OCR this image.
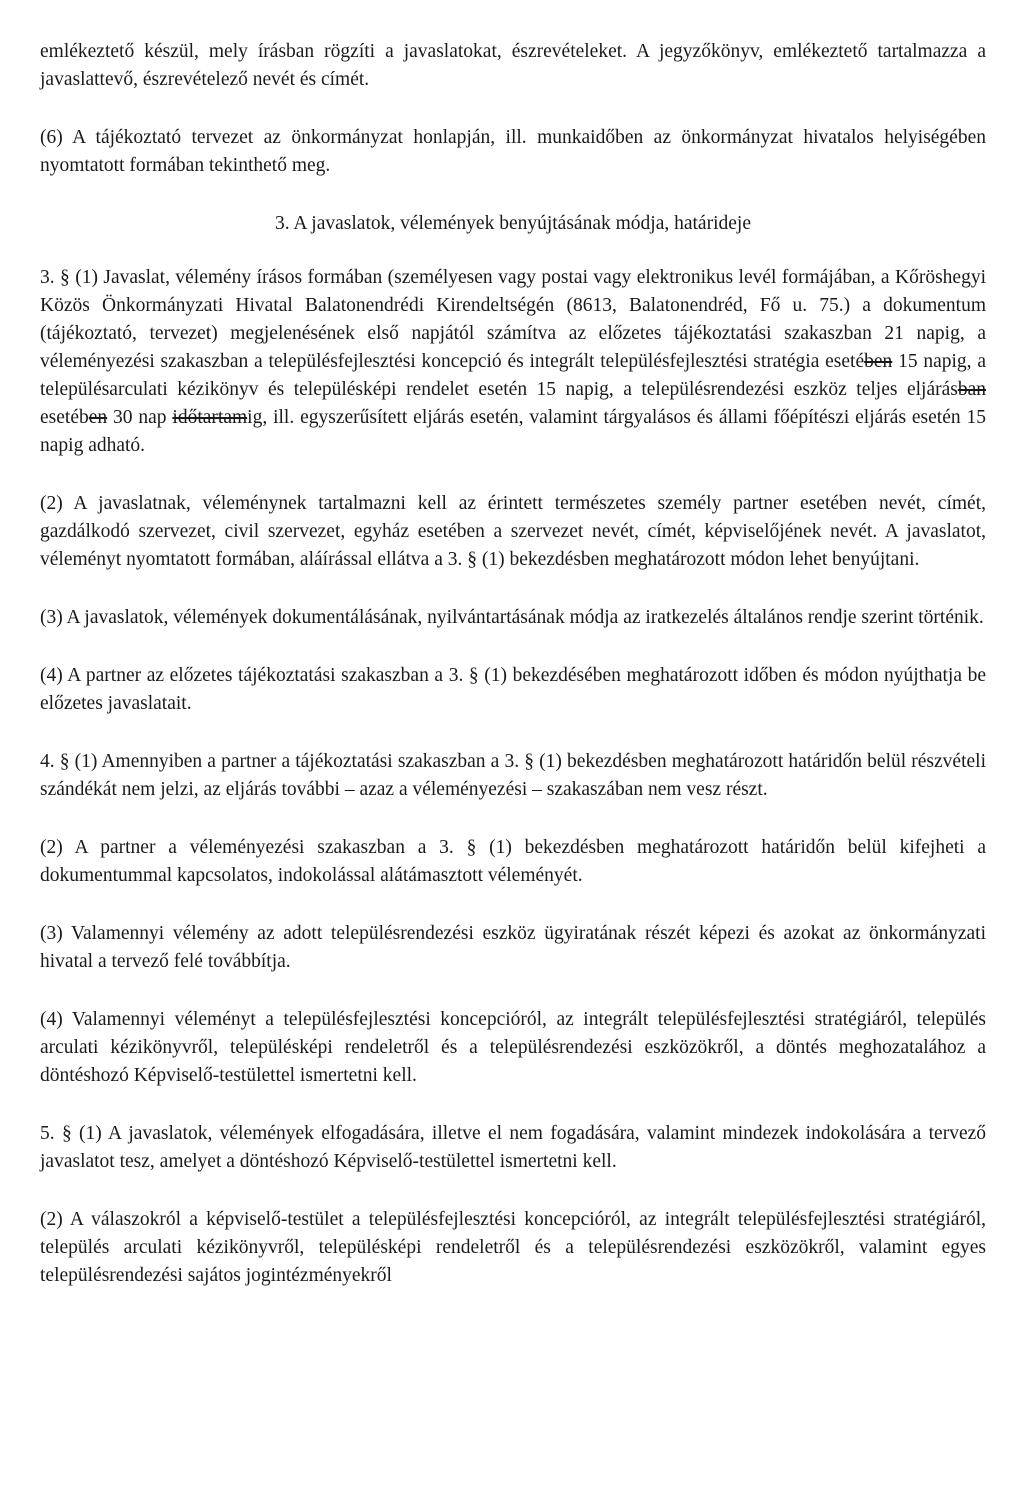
emlékeztető készül, mely írásban rögzíti a javaslatokat, észrevételeket. A jegyzőkönyv, emlékeztető tartalmazza a javaslattevő, észrevételező nevét és címét.

(6) A tájékoztató tervezet az önkormányzat honlapján, ill. munkaidőben az önkormányzat hivatalos helyiségében nyomtatott formában tekinthető meg.

3. A javaslatok, vélemények benyújtásának módja, határideje

3. § (1) Javaslat, vélemény írásos formában (személyesen vagy postai vagy elektronikus levél formájában, a Kőröshegyi Közös Önkormányzati Hivatal Balatonendrédi Kirendeltségén (8613, Balatonendréd, Fő u. 75.) a dokumentum (tájékoztató, tervezet) megjelenésének első napjától számítva az előzetes tájékoztatási szakaszban 21 napig, a véleményezési szakaszban a településfejlesztési koncepció és integrált településfejlesztési stratégia esetében 15 napig, a településarculati kézikönyv és településképi rendelet esetén 15 napig, a településrendezési eszköz teljes eljárásban esetében 30 nap időtartamig, ill. egyszerűsített eljárás esetén, valamint tárgyalásos és állami főépítészi eljárás esetén 15 napig adható.

(2) A javaslatnak, véleménynek tartalmazni kell az érintett természetes személy partner esetében nevét, címét, gazdálkodó szervezet, civil szervezet, egyház esetében a szervezet nevét, címét, képviselőjének nevét. A javaslatot, véleményt nyomtatott formában, aláírással ellátva a 3. § (1) bekezdésben meghatározott módon lehet benyújtani.

(3) A javaslatok, vélemények dokumentálásának, nyilvántartásának módja az iratkezelés általános rendje szerint történik.

(4) A partner az előzetes tájékoztatási szakaszban a 3. § (1) bekezdésében meghatározott időben és módon nyújthatja be előzetes javaslatait.

4. § (1) Amennyiben a partner a tájékoztatási szakaszban a 3. § (1) bekezdésben meghatározott határidőn belül részvételi szándékát nem jelzi, az eljárás további – azaz a véleményezési – szakaszában nem vesz részt.

(2) A partner a véleményezési szakaszban a 3. § (1) bekezdésben meghatározott határidőn belül kifejheti a dokumentummal kapcsolatos, indokolással alátámasztott véleményét.

(3) Valamennyi vélemény az adott településrendezési eszköz ügyiratának részét képezi és azokat az önkormányzati hivatal a tervező felé továbbítja.

(4) Valamennyi véleményt a településfejlesztési koncepcióról, az integrált településfejlesztési stratégiáról, település arculati kézikönyvről, településképi rendeletről és a településrendezési eszközökről, a döntés meghozatalához a döntéshozó Képviselő-testülettel ismertetni kell.

5. § (1) A javaslatok, vélemények elfogadására, illetve el nem fogadására, valamint mindezek indokolására a tervező javaslatot tesz, amelyet a döntéshozó Képviselő-testülettel ismertetni kell.

(2) A válaszokról a képviselő-testület a településfejlesztési koncepcióról, az integrált településfejlesztési stratégiáról, település arculati kézikönyvről, településképi rendeletről és a településrendezési eszközökről, valamint egyes településrendezési sajátos jogintézményekről
